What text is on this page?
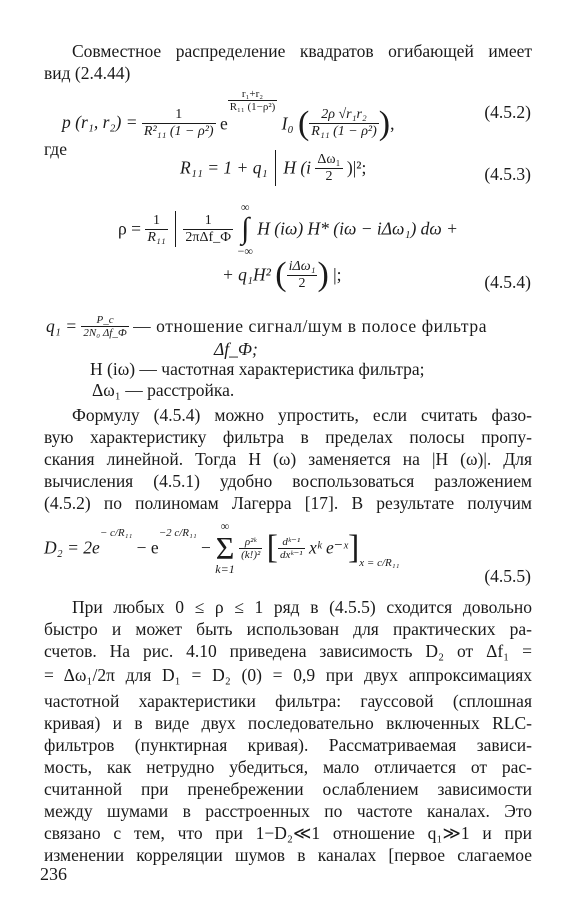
Совместное распределение квадратов огибающей имеет
вид (2.4.44)
p (r₁, $r_2) = \frac{1}{\text{R²₁₁ (1 − ρ²)}}$ e
$\frac{\text{r₁+r₂}}{\text{R₁₁ (1−ρ²)}}$
I₀ ( $\frac{\text{2ρ √r₁r₂}}{\text{R₁₁ (1 − ρ²)}}$ ),
(4.5.2)
где
R₁₁ = 1 + q₁ H $(i \frac{\text{Δω₁}}{2} )|^2$;	(4.5.3)
$\rho = \frac{1}{\text{R₁₁}}$
$\frac{1}{\text{2πΔf\_Ф}}$

∞
∫
−∞
H (iω) H* (iω − iΔω₁) dω +
+ q₁H² ( $\frac{\text{iΔω₁}}{2}$ ) |;	(4.5.4)
$q_1 = \frac{P\_c}{\text{2N₀ Δf\_Ф}}$ — отношение сигнал/шум в полосе фильтра
Δf_Ф;
H (iω) — частотная характеристика фильтра;
Δω₁ — расстройка.
Формулу (4.5.4) можно упростить, если считать фазо-
вую характеристику фильтра в пределах полосы пропу-
скания линейной. Тогда H (ω) заменяется на |H (ω)|. Для
вычисления (4.5.1) удобно воспользоваться разложением
(4.5.2) по полиномам Лагерра [17]. В результате получим
$D_2 = 2e^{- c/R_{11}} - e^{-2 c/R_{11}}$ −
∞
Σ
k=1

$\frac{\text{ρ²ᵏ}}{\text{(k!)²}}$ [ $\frac{\text{dᵏ⁻¹}}{\text{dxᵏ⁻¹}}$ xᵏ $e^-ˣ]_{x = c/R_{11}}$
(4.5.5)
При любых 0 ≤ ρ ≤ 1 ряд в (4.5.5) сходится довольно
быстро и может быть использован для практических ра-
счетов. На рис. 4.10 приведена зависимость D₂ от Δf₁ =
= Δω₁/2π для D₁ = D₂ (0) = 0,9 при двух аппроксимациях
частотной характеристики фильтра: гауссовой (сплошная
кривая) и в виде двух последовательно включенных RLC-
фильтров (пунктирная кривая). Рассматриваемая зависи-
мость, как нетрудно убедиться, мало отличается от рас-
считанной при пренебрежении ослаблением зависимости
между шумами в расстроенных по частоте каналах. Это
связано с тем, что при 1−D₂≪1 отношение q₁≫1 и при
изменении корреляции шумов в каналах [первое слагаемое
236
